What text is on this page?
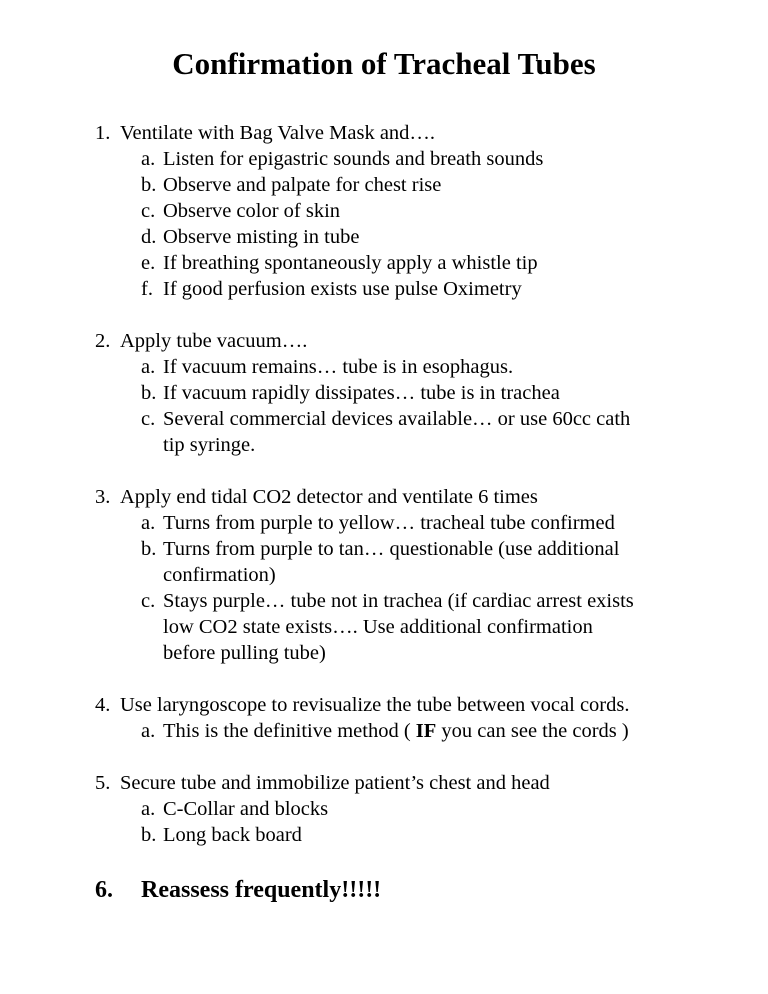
Confirmation of Tracheal Tubes
1. Ventilate with Bag Valve Mask and….
a. Listen for epigastric sounds and breath sounds
b. Observe and palpate for chest rise
c. Observe color of skin
d. Observe misting in tube
e. If breathing spontaneously apply a whistle tip
f. If good perfusion exists use pulse Oximetry
2. Apply tube vacuum….
a. If vacuum remains… tube is in esophagus.
b. If vacuum rapidly dissipates… tube is in trachea
c. Several commercial devices available… or use 60cc cath
tip syringe.
3. Apply end tidal CO2 detector and ventilate 6 times
a. Turns from purple to yellow… tracheal tube confirmed
b. Turns from purple to tan… questionable (use additional
confirmation)
c. Stays purple… tube not in trachea (if cardiac arrest exists
low CO2 state exists…. Use additional confirmation
before pulling tube)
4. Use laryngoscope to revisualize the tube between vocal cords.
a. This is the definitive method ( IF you can see the cords )
5. Secure tube and immobilize patient’s chest and head
a. C-Collar and blocks
b. Long back board
6. Reassess frequently!!!!!
